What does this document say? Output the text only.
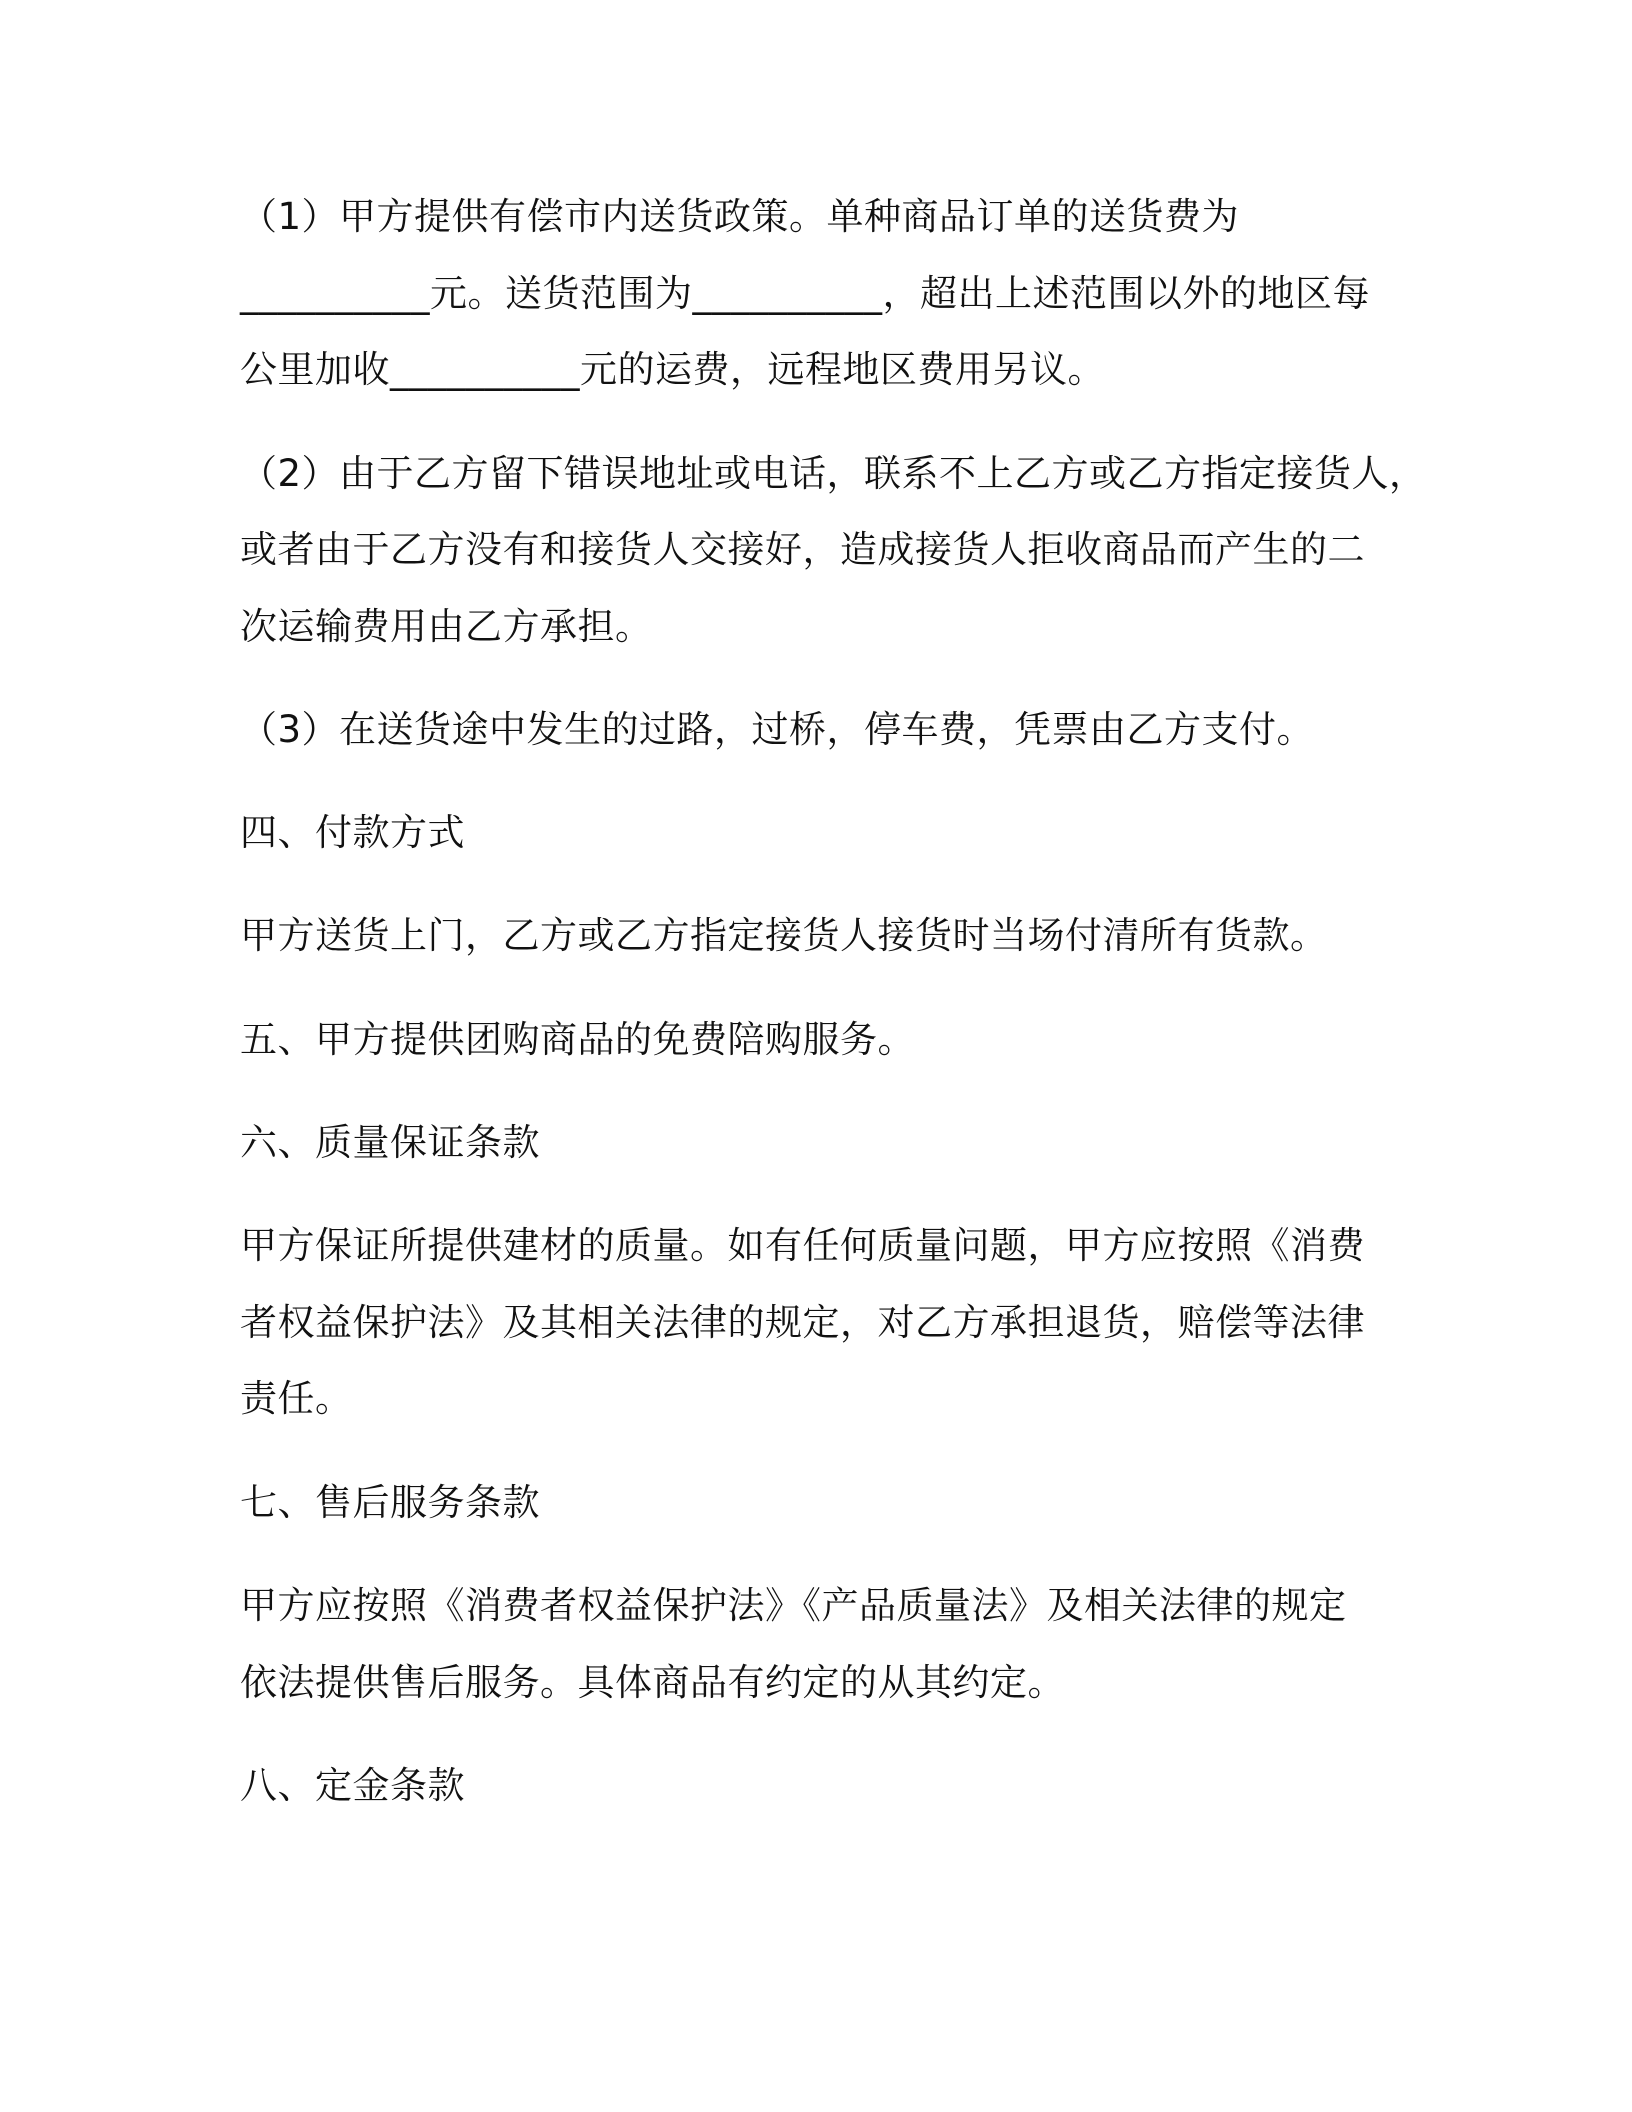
（1）甲方提供有偿市内送货政策。单种商品订单的送货费为
__________元。送货范围为__________，超出上述范围以外的地区每
公里加收__________元的运费，远程地区费用另议。
（2）由于乙方留下错误地址或电话，联系不上乙方或乙方指定接货人，
或者由于乙方没有和接货人交接好，造成接货人拒收商品而产生的二
次运输费用由乙方承担。
（3）在送货途中发生的过路，过桥，停车费，凭票由乙方支付。
四、付款方式
甲方送货上门，乙方或乙方指定接货人接货时当场付清所有货款。
五、甲方提供团购商品的免费陪购服务。
六、质量保证条款
甲方保证所提供建材的质量。如有任何质量问题，甲方应按照《消费
者权益保护法》及其相关法律的规定，对乙方承担退货，赔偿等法律
责任。
七、售后服务条款
甲方应按照《消费者权益保护法》《产品质量法》及相关法律的规定
依法提供售后服务。具体商品有约定的从其约定。
八、定金条款
